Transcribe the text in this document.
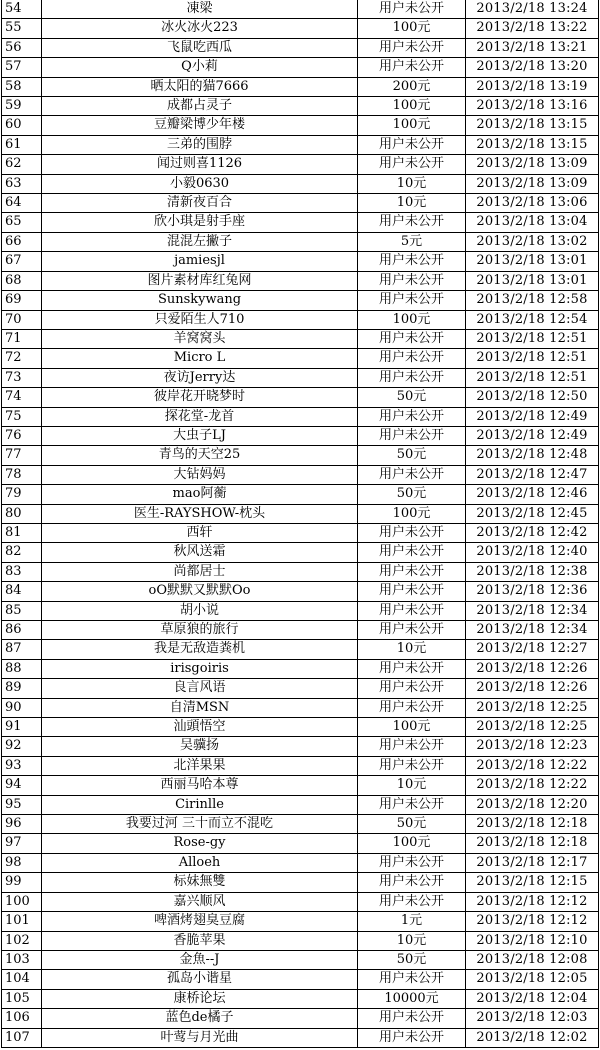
54	凍梁	用户未公开	2013/2/18 13:24
55	冰火冰火223	100元	2013/2/18 13:22
56	飞鼠吃西瓜	用户未公开	2013/2/18 13:21
57	Q小莉	用户未公开	2013/2/18 13:20
58	晒太阳的猫7666	200元	2013/2/18 13:19
59	成都占灵子	100元	2013/2/18 13:16
60	豆瓣梁博少年楼	100元	2013/2/18 13:15
61	三弟的围脖	用户未公开	2013/2/18 13:15
62	闻过则喜1126	用户未公开	2013/2/18 13:09
63	小毅0630	10元	2013/2/18 13:09
64	清新夜百合	10元	2013/2/18 13:06
65	欣小琪是射手座	用户未公开	2013/2/18 13:04
66	混混左撇子	5元	2013/2/18 13:02
67	jamiesjl	用户未公开	2013/2/18 13:01
68	图片素材库红兔网	用户未公开	2013/2/18 13:01
69	Sunskywang	用户未公开	2013/2/18 12:58
70	只爱陌生人710	100元	2013/2/18 12:54
71	羊窝窝头	用户未公开	2013/2/18 12:51
72	Micro L	用户未公开	2013/2/18 12:51
73	夜访Jerry达	用户未公开	2013/2/18 12:51
74	彼岸花开晓梦时	50元	2013/2/18 12:50
75	探花堂-龙首	用户未公开	2013/2/18 12:49
76	大虫子LJ	用户未公开	2013/2/18 12:49
77	青鸟的天空25	50元	2013/2/18 12:48
78	大钻妈妈	用户未公开	2013/2/18 12:47
79	mao阿蘅	50元	2013/2/18 12:46
80	医生-RAYSHOW-枕头	100元	2013/2/18 12:45
81	西轩	用户未公开	2013/2/18 12:42
82	秋风送霜	用户未公开	2013/2/18 12:40
83	尚都居士	用户未公开	2013/2/18 12:38
84	oO默默又默默Oo	用户未公开	2013/2/18 12:36
85	胡小说	用户未公开	2013/2/18 12:34
86	草原狼的旅行	用户未公开	2013/2/18 12:34
87	我是无敌造粪机	10元	2013/2/18 12:27
88	irisgoiris	用户未公开	2013/2/18 12:26
89	良言风语	用户未公开	2013/2/18 12:26
90	自清MSN	用户未公开	2013/2/18 12:25
91	汕頭悟空	100元	2013/2/18 12:25
92	吴骥扬	用户未公开	2013/2/18 12:23
93	北洋果果	用户未公开	2013/2/18 12:22
94	西丽马哈本尊	10元	2013/2/18 12:22
95	Cirinlle	用户未公开	2013/2/18 12:20
96	我要过河 三十而立不混吃	50元	2013/2/18 12:18
97	Rose-gy	100元	2013/2/18 12:18
98	Alloeh	用户未公开	2013/2/18 12:17
99	标妹無雙	用户未公开	2013/2/18 12:15
100	嘉兴顺风	用户未公开	2013/2/18 12:12
101	啤酒烤翅臭豆腐	1元	2013/2/18 12:12
102	香脆苹果	10元	2013/2/18 12:10
103	金魚--J	50元	2013/2/18 12:08
104	孤岛小谐星	用户未公开	2013/2/18 12:05
105	康桥论坛	10000元	2013/2/18 12:04
106	蓝色de橘子	用户未公开	2013/2/18 12:03
107	叶莺与月光曲	用户未公开	2013/2/18 12:02
